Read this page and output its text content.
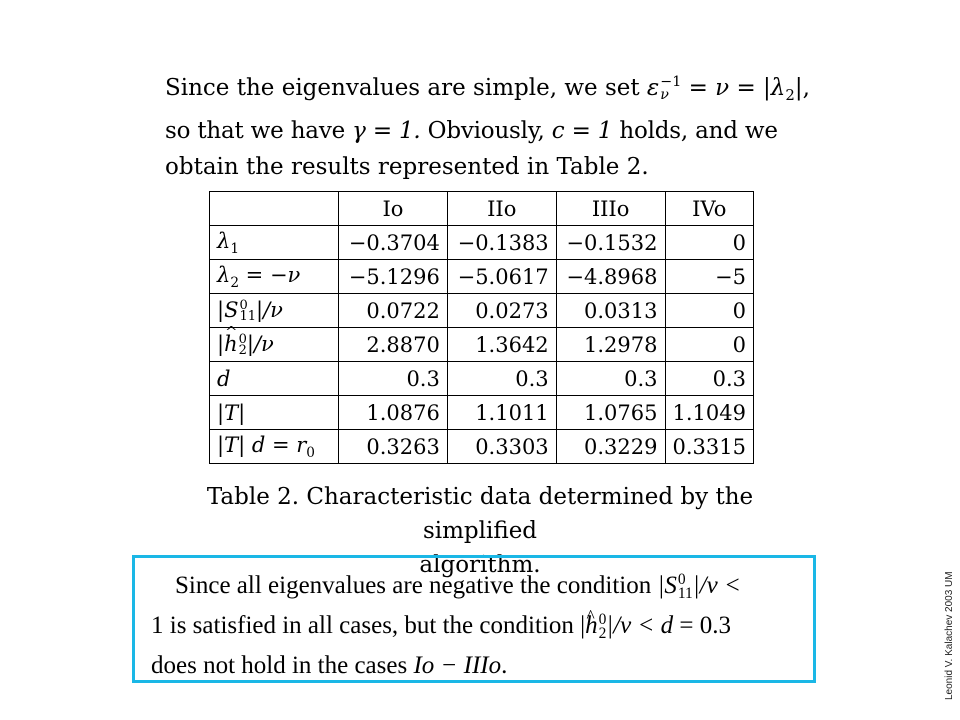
Since the eigenvalues are simple, we set ε −1
$\nu = \nu = |\lambda_2|$,
so that we have γ = 1. Obviously, c = 1 holds, and we
obtain the results represented in Table 2.

	Io	IIo	IIIo	IVo
$\lambda_1$	−0.3704	−0.1383	−0.1532	0
$\lambda_2 = -\nu$	−5.1296	−5.0617	−4.8968	−5
|S 0
11 |/ν	0.0722	0.0273	0.0313	0
|^ h 0
2 |/ν	2.8870	1.3642	1.2978	0
d	0.3	0.3	0.3	0.3
|T|	1.0876	1.1011	1.0765	1.1049
|T| $d = r_0$	0.3263	0.3303	0.3229	0.3315

Table 2. Characteristic data determined by the simplified
algorithm.

Since all eigenvalues are negative the condition |S 0
11 |/ν <
1 is satisfied in all cases, but the condition |^ h 0
2 |/ν < d = 0.3
does not hold in the cases Io − IIIo.	Leonid V. Kalachev 2003 UM
